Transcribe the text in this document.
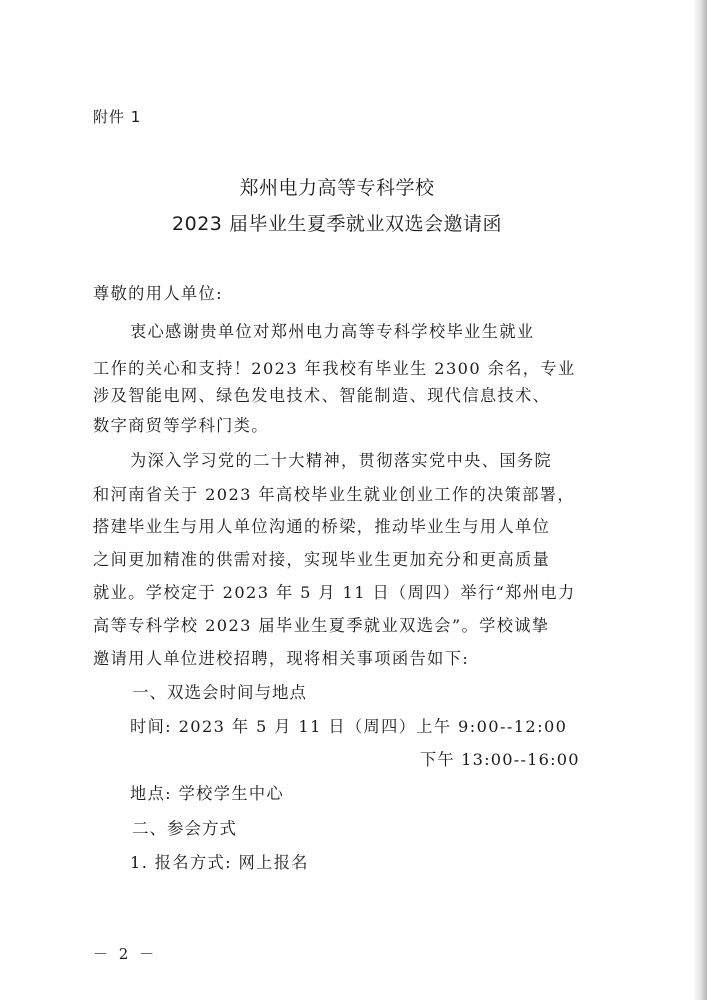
附件 1
郑州电力高等专科学校
2023 届毕业生夏季就业双选会邀请函
尊敬的用人单位:
衷心感谢贵单位对郑州电力高等专科学校毕业生就业
工作的关心和支持！2023 年我校有毕业生 2300 余名，专业
涉及智能电网、绿色发电技术、智能制造、现代信息技术、
数字商贸等学科门类。
为深入学习党的二十大精神，贯彻落实党中央、国务院
和河南省关于 2023 年高校毕业生就业创业工作的决策部署，
搭建毕业生与用人单位沟通的桥梁，推动毕业生与用人单位
之间更加精准的供需对接，实现毕业生更加充分和更高质量
就业。学校定于 2023 年 5 月 11 日（周四）举行“郑州电力
高等专科学校 2023 届毕业生夏季就业双选会”。学校诚挚
邀请用人单位进校招聘，现将相关事项函告如下:
一、双选会时间与地点
时间: 2023 年 5 月 11 日（周四）上午 9:00--12:00
下午 13:00--16:00
地点: 学校学生中心
二、参会方式
1. 报名方式: 网上报名
－ 2 －
